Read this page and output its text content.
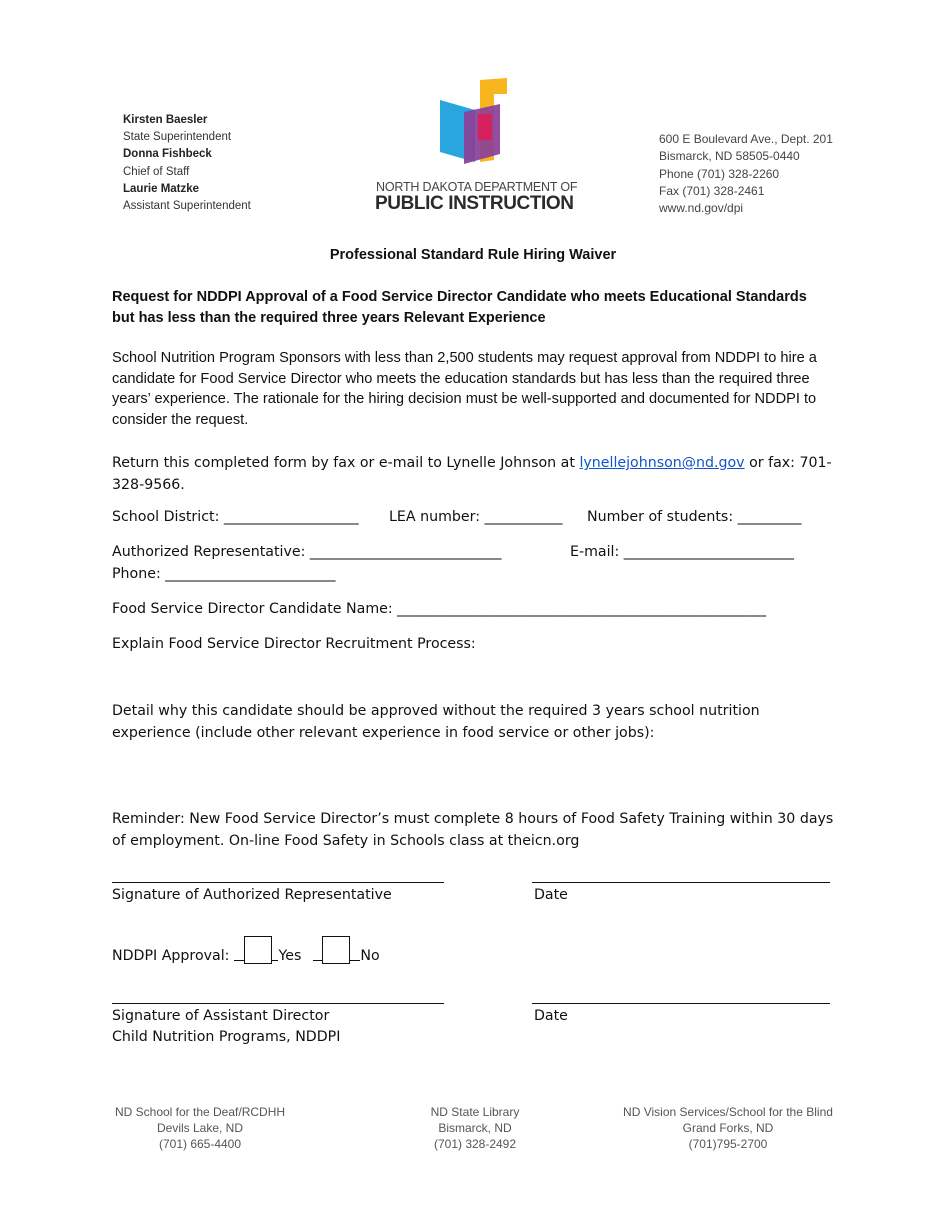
Kirsten Baesler
State Superintendent
Donna Fishbeck
Chief of Staff
Laurie Matzke
Assistant Superintendent
NORTH DAKOTA DEPARTMENT OF
PUBLIC INSTRUCTION
600 E Boulevard Ave., Dept. 201
Bismarck, ND 58505-0440
Phone (701) 328-2260
Fax (701) 328-2461
www.nd.gov/dpi
Professional Standard Rule Hiring Waiver
Request for NDDPI Approval of a Food Service Director Candidate who meets Educational Standards but has less than the required three years Relevant Experience
School Nutrition Program Sponsors with less than 2,500 students may request approval from NDDPI to hire a candidate for Food Service Director who meets the education standards but has less than the required three years’ experience. The rationale for the hiring decision must be well-supported and documented for NDDPI to consider the request.
Return this completed form by fax or e-mail to Lynelle Johnson at lynellejohnson@nd.gov or fax: 701-328-9566.
School District: ___________________ LEA number: ___________ Number of students: _________
Authorized Representative: ___________________________	E-mail: ________________________
Phone: ________________________
Food Service Director Candidate Name: ____________________________________________________
Explain Food Service Director Recruitment Process:
Detail why this candidate should be approved without the required 3 years school nutrition experience (include other relevant experience in food service or other jobs):
Reminder: New Food Service Director’s must complete 8 hours of Food Safety Training within 30 days of employment. On-line Food Safety in Schools class at theicn.org
Signature of Authorized Representative	Date
NDDPI Approval:	Yes	No
Signature of Assistant Director	Date
Child Nutrition Programs, NDDPI
ND School for the Deaf/RCDHH
Devils Lake, ND
(701) 665-4400
ND State Library
Bismarck, ND
(701) 328-2492
ND Vision Services/School for the Blind
Grand Forks, ND
(701)795-2700
